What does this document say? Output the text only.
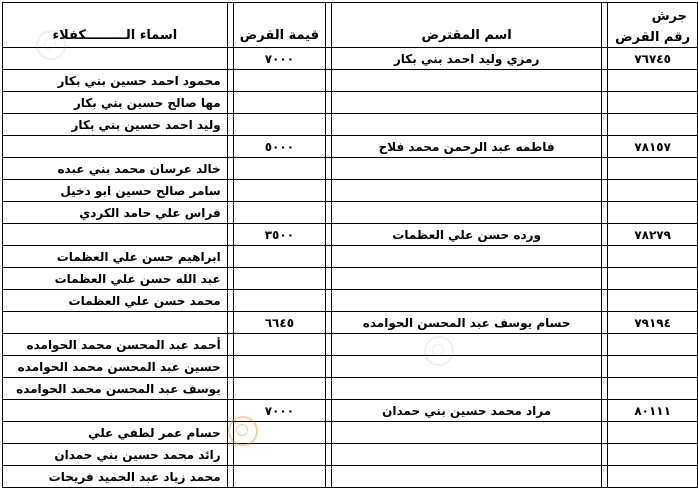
اسماء الـــــــــكفلاء		قيمة القرض		اسم المقترض		جرش
رقم القرض

		٧٠٠٠		رمزي وليد احمد بني بكار		٧٦٧٤٥
محمود احمد حسين بني بكار						
مها صالح حسين بني بكار						
وليد احمد حسين بني بكار						
		٥٠٠٠		فاطمه عبد الرحمن محمد فلاح		٧٨١٥٧
خالد عرسان محمد بني عبده						
سامر صالح حسين ابو دخيل						
فراس علي حامد الكردي						
		٣٥٠٠		ورده حسن علي العظمات		٧٨٢٧٩
ابراهيم حسن علي العظمات						
عبد الله حسن علي العظمات						
محمد حسن علي العظمات						
		٦٦٤٥		حسام يوسف عبد المحسن الحوامده		٧٩١٩٤
أحمد عبد المحسن محمد الحوامده						
حسين عبد المحسن محمد الحوامده						
يوسف عبد المحسن محمد الحوامده						
		٧٠٠٠		مراد محمد حسين بني حمدان		٨٠١١١
حسام عمر لطفي علي						
رائد محمد حسين بني حمدان						
محمد زياد عبد الحميد فريحات						
